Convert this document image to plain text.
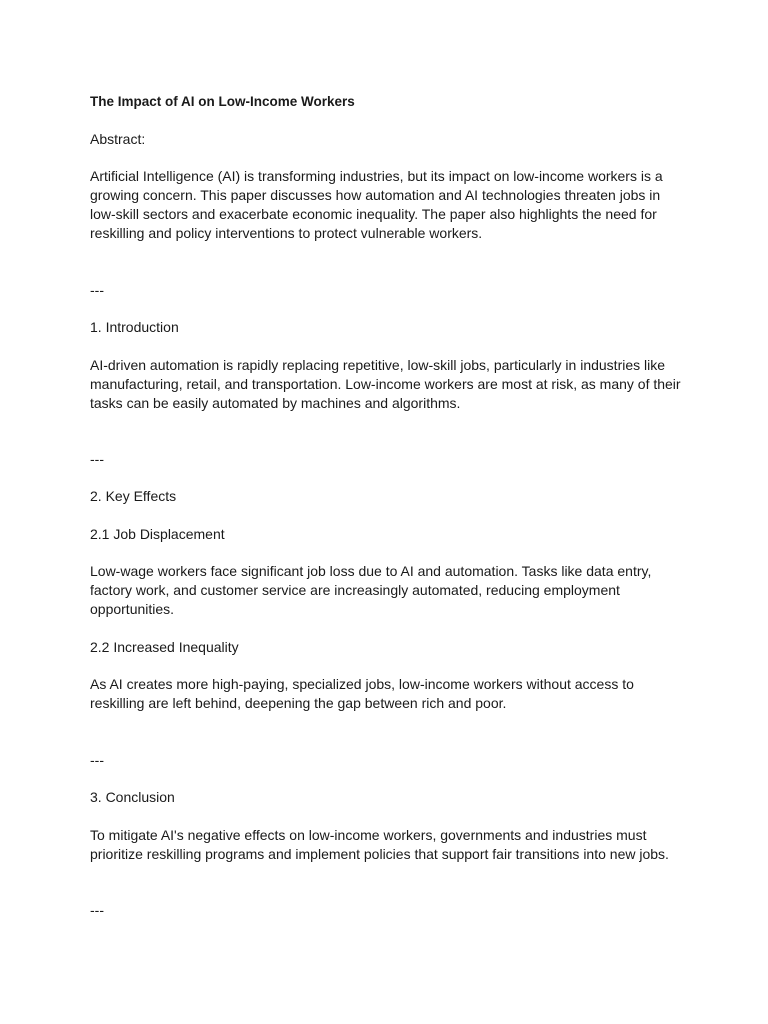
The Impact of AI on Low-Income Workers

Abstract:

Artificial Intelligence (AI) is transforming industries, but its impact on low-income workers is a

growing concern. This paper discusses how automation and AI technologies threaten jobs in

low-skill sectors and exacerbate economic inequality. The paper also highlights the need for

reskilling and policy interventions to protect vulnerable workers.

---

1. Introduction

AI-driven automation is rapidly replacing repetitive, low-skill jobs, particularly in industries like

manufacturing, retail, and transportation. Low-income workers are most at risk, as many of their

tasks can be easily automated by machines and algorithms.

---

2. Key Effects

2.1 Job Displacement

Low-wage workers face significant job loss due to AI and automation. Tasks like data entry,

factory work, and customer service are increasingly automated, reducing employment

opportunities.

2.2 Increased Inequality

As AI creates more high-paying, specialized jobs, low-income workers without access to

reskilling are left behind, deepening the gap between rich and poor.

---

3. Conclusion

To mitigate AI's negative effects on low-income workers, governments and industries must

prioritize reskilling programs and implement policies that support fair transitions into new jobs.

---
